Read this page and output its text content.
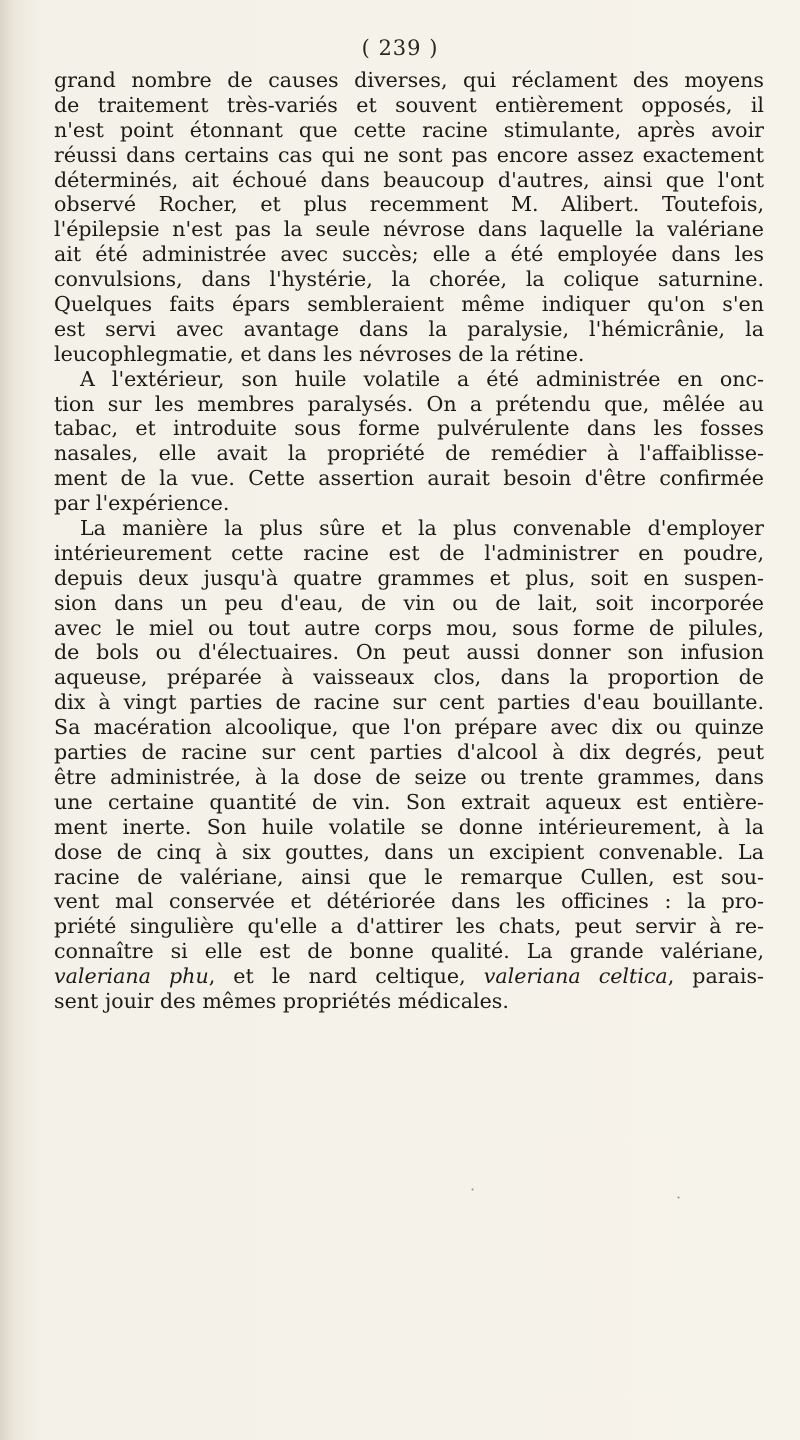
( 239 )
grand nombre de causes diverses, qui réclament des moyens
de traitement très-variés et souvent entièrement opposés, il
n'est point étonnant que cette racine stimulante, après avoir
réussi dans certains cas qui ne sont pas encore assez exactement
déterminés, ait échoué dans beaucoup d'autres, ainsi que l'ont
observé Rocher, et plus recemment M. Alibert. Toutefois,
l'épilepsie n'est pas la seule névrose dans laquelle la valériane
ait été administrée avec succès; elle a été employée dans les
convulsions, dans l'hystérie, la chorée, la colique saturnine.
Quelques faits épars sembleraient même indiquer qu'on s'en
est servi avec avantage dans la paralysie, l'hémicrânie, la
leucophlegmatie, et dans les névroses de la rétine.
A l'extérieur, son huile volatile a été administrée en onc-
tion sur les membres paralysés. On a prétendu que, mêlée au
tabac, et introduite sous forme pulvérulente dans les fosses
nasales, elle avait la propriété de remédier à l'affaiblisse-
ment de la vue. Cette assertion aurait besoin d'être confirmée
par l'expérience.
La manière la plus sûre et la plus convenable d'employer
intérieurement cette racine est de l'administrer en poudre,
depuis deux jusqu'à quatre grammes et plus, soit en suspen-
sion dans un peu d'eau, de vin ou de lait, soit incorporée
avec le miel ou tout autre corps mou, sous forme de pilules,
de bols ou d'électuaires. On peut aussi donner son infusion
aqueuse, préparée à vaisseaux clos, dans la proportion de
dix à vingt parties de racine sur cent parties d'eau bouillante.
Sa macération alcoolique, que l'on prépare avec dix ou quinze
parties de racine sur cent parties d'alcool à dix degrés, peut
être administrée, à la dose de seize ou trente grammes, dans
une certaine quantité de vin. Son extrait aqueux est entière-
ment inerte. Son huile volatile se donne intérieurement, à la
dose de cinq à six gouttes, dans un excipient convenable. La
racine de valériane, ainsi que le remarque Cullen, est sou-
vent mal conservée et détériorée dans les officines : la pro-
priété singulière qu'elle a d'attirer les chats, peut servir à re-
connaître si elle est de bonne qualité. La grande valériane,
valeriana phu, et le nard celtique, valeriana celtica, parais-
sent jouir des mêmes propriétés médicales.
·	·
